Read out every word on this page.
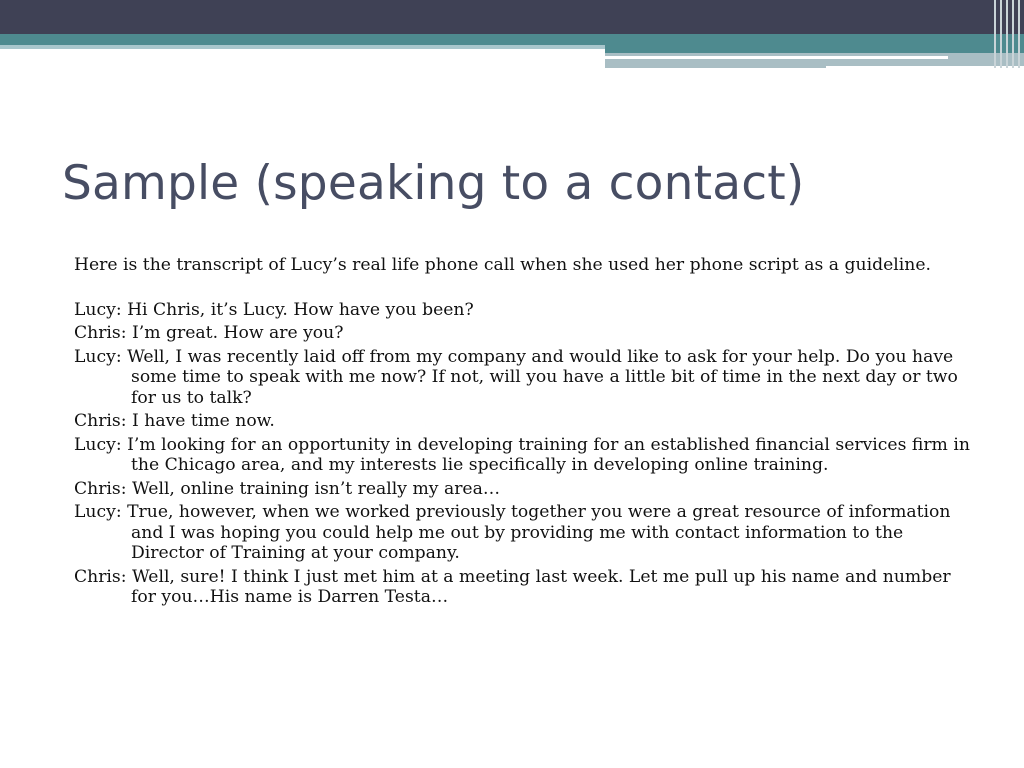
Sample (speaking to a contact)

Here is the transcript of Lucy’s real life phone call when she used her phone script as a guideline.

Lucy: Hi Chris, it’s Lucy. How have you been?

Chris: I’m great. How are you?

Lucy: Well, I was recently laid off from my company and would like to ask for your help. Do you have some time to speak with me now? If not, will you have a little bit of time in the next day or two for us to talk?

Chris: I have time now.

Lucy: I’m looking for an opportunity in developing training for an established financial services firm in the Chicago area, and my interests lie specifically in developing online training.

Chris: Well, online training isn’t really my area…

Lucy: True, however, when we worked previously together you were a great resource of information and I was hoping you could help me out by providing me with contact information to the Director of Training at your company.

Chris: Well, sure! I think I just met him at a meeting last week. Let me pull up his name and number for you…His name is Darren Testa…
